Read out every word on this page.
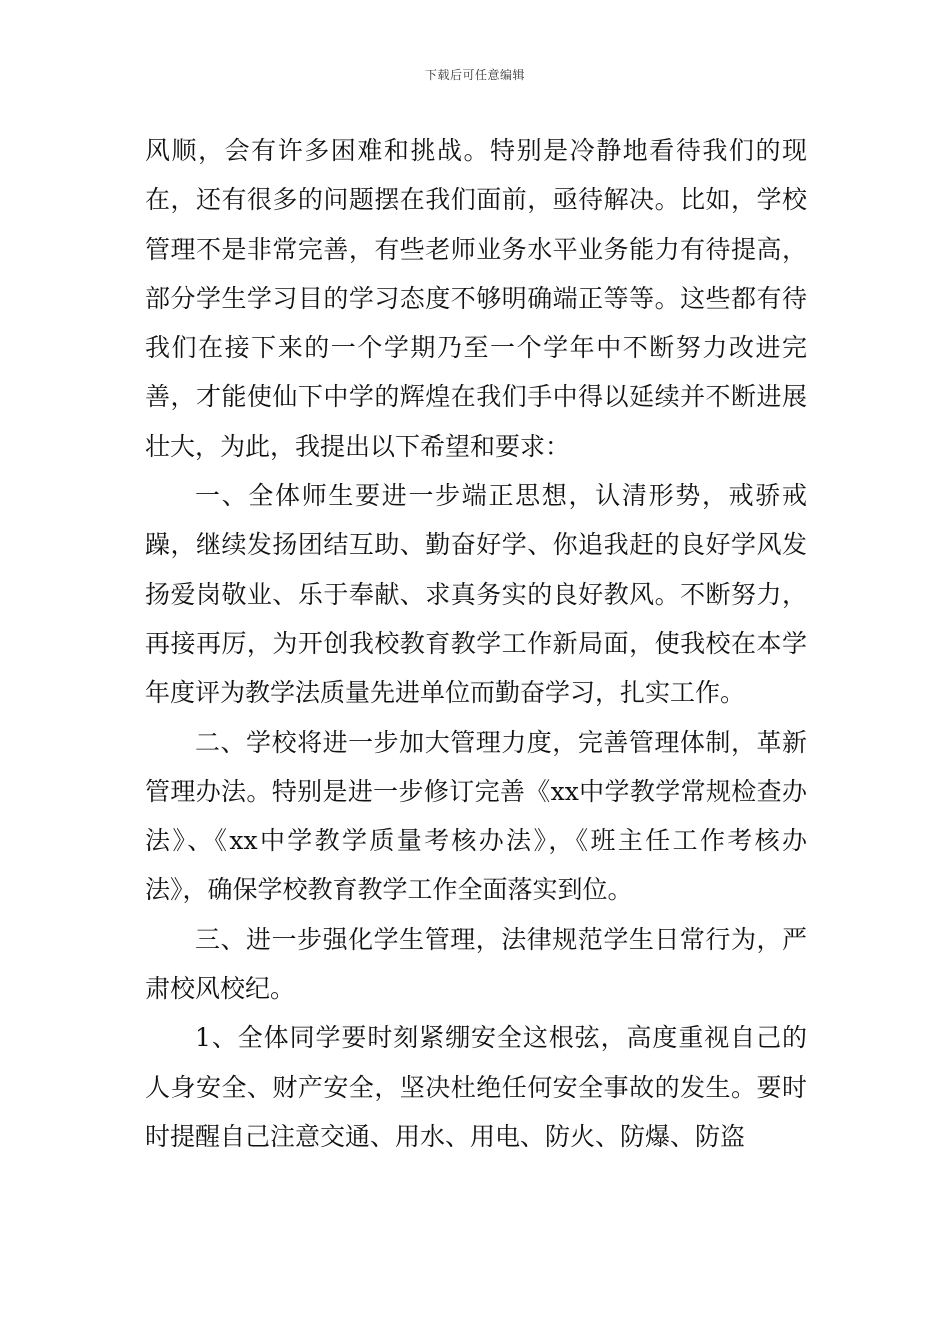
下载后可任意编辑

风顺，会有许多困难和挑战。特别是冷静地看待我们的现在，还有很多的问题摆在我们面前，亟待解决。比如，学校管理不是非常完善，有些老师业务水平业务能力有待提高，部分学生学习目的学习态度不够明确端正等等。这些都有待我们在接下来的一个学期乃至一个学年中不断努力改进完善，才能使仙下中学的辉煌在我们手中得以延续并不断进展壮大，为此，我提出以下希望和要求：

一、全体师生要进一步端正思想，认清形势，戒骄戒躁，继续发扬团结互助、勤奋好学、你追我赶的良好学风发扬爱岗敬业、乐于奉献、求真务实的良好教风。不断努力，再接再厉，为开创我校教育教学工作新局面，使我校在本学年度评为教学法质量先进单位而勤奋学习，扎实工作。

二、学校将进一步加大管理力度，完善管理体制，革新管理办法。特别是进一步修订完善《xx中学教学常规检查办法》、《xx中学教学质量考核办法》，《班主任工作考核办法》，确保学校教育教学工作全面落实到位。

三、进一步强化学生管理，法律规范学生日常行为，严肃校风校纪。

1、全体同学要时刻紧绷安全这根弦，高度重视自己的人身安全、财产安全，坚决杜绝任何安全事故的发生。要时时提醒自己注意交通、用水、用电、防火、防爆、防盗
